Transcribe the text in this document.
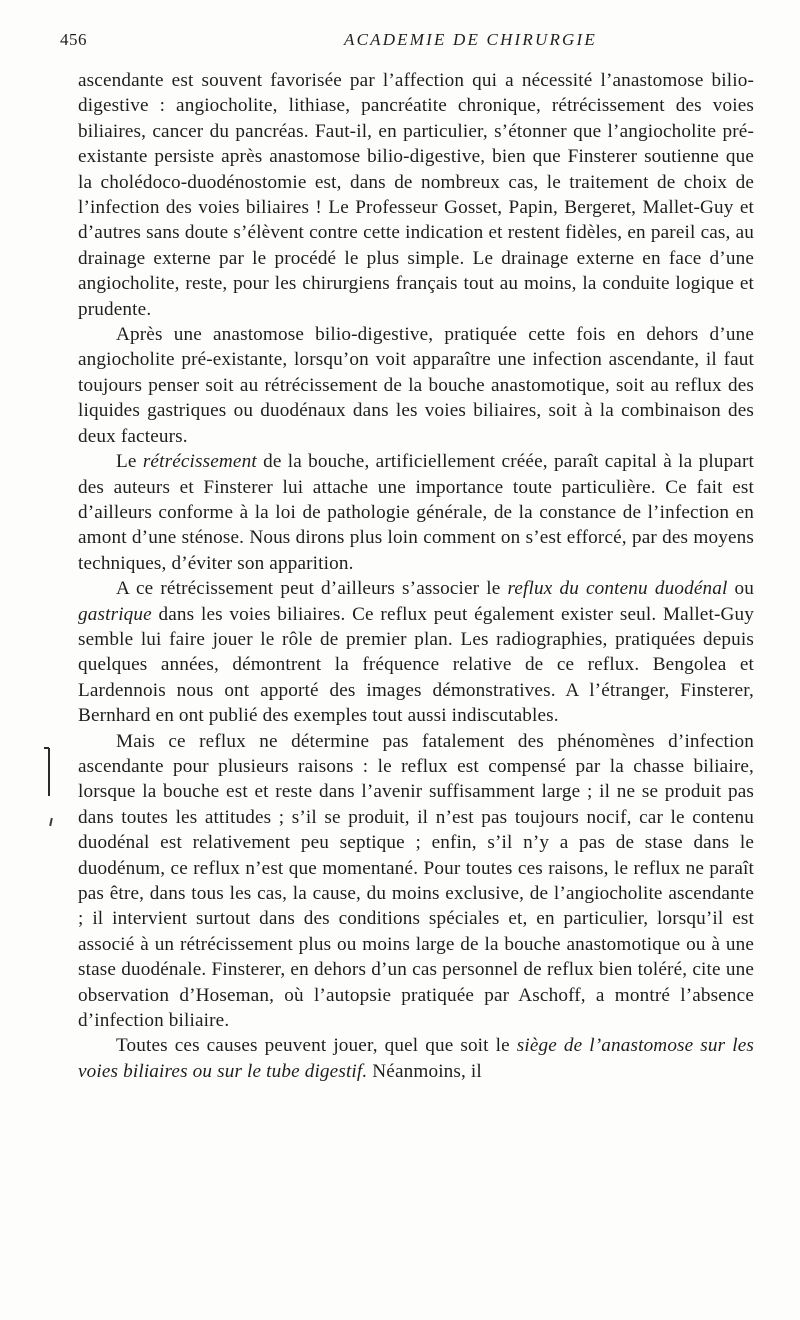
456	ACADEMIE DE CHIRURGIE

ascendante est souvent favorisée par l’affection qui a nécessité l’anastomose bilio-digestive : angiocholite, lithiase, pancréatite chronique, rétrécissement des voies biliaires, cancer du pancréas. Faut-il, en particulier, s’étonner que l’angiocholite pré-existante persiste après anastomose bilio-digestive, bien que Finsterer soutienne que la cholédoco-duodénostomie est, dans de nombreux cas, le traitement de choix de l’infection des voies biliaires ! Le Professeur Gosset, Papin, Bergeret, Mallet-Guy et d’autres sans doute s’élèvent contre cette indication et restent fidèles, en pareil cas, au drainage externe par le procédé le plus simple. Le drainage externe en face d’une angiocholite, reste, pour les chirurgiens français tout au moins, la conduite logique et prudente.

Après une anastomose bilio-digestive, pratiquée cette fois en dehors d’une angiocholite pré-existante, lorsqu’on voit apparaître une infection ascendante, il faut toujours penser soit au rétrécissement de la bouche anastomotique, soit au reflux des liquides gastriques ou duodénaux dans les voies biliaires, soit à la combinaison des deux facteurs.

Le rétrécissement de la bouche, artificiellement créée, paraît capital à la plupart des auteurs et Finsterer lui attache une importance toute particulière. Ce fait est d’ailleurs conforme à la loi de pathologie générale, de la constance de l’infection en amont d’une sténose. Nous dirons plus loin comment on s’est efforcé, par des moyens techniques, d’éviter son apparition.

A ce rétrécissement peut d’ailleurs s’associer le reflux du contenu duodénal ou gastrique dans les voies biliaires. Ce reflux peut également exister seul. Mallet-Guy semble lui faire jouer le rôle de premier plan. Les radiographies, pratiquées depuis quelques années, démontrent la fréquence relative de ce reflux. Bengolea et Lardennois nous ont apporté des images démonstratives. A l’étranger, Finsterer, Bernhard en ont publié des exemples tout aussi indiscutables.

Mais ce reflux ne détermine pas fatalement des phénomènes d’infection ascendante pour plusieurs raisons : le reflux est compensé par la chasse biliaire, lorsque la bouche est et reste dans l’avenir suffisamment large ; il ne se produit pas dans toutes les attitudes ; s’il se produit, il n’est pas toujours nocif, car le contenu duodénal est relativement peu septique ; enfin, s’il n’y a pas de stase dans le duodénum, ce reflux n’est que momentané. Pour toutes ces raisons, le reflux ne paraît pas être, dans tous les cas, la cause, du moins exclusive, de l’angiocholite ascendante ; il intervient surtout dans des conditions spéciales et, en particulier, lorsqu’il est associé à un rétrécissement plus ou moins large de la bouche anastomotique ou à une stase duodénale. Finsterer, en dehors d’un cas personnel de reflux bien toléré, cite une observation d’Hoseman, où l’autopsie pratiquée par Aschoff, a montré l’absence d’infection biliaire.

Toutes ces causes peuvent jouer, quel que soit le siège de l’anastomose sur les voies biliaires ou sur le tube digestif. Néanmoins, il
